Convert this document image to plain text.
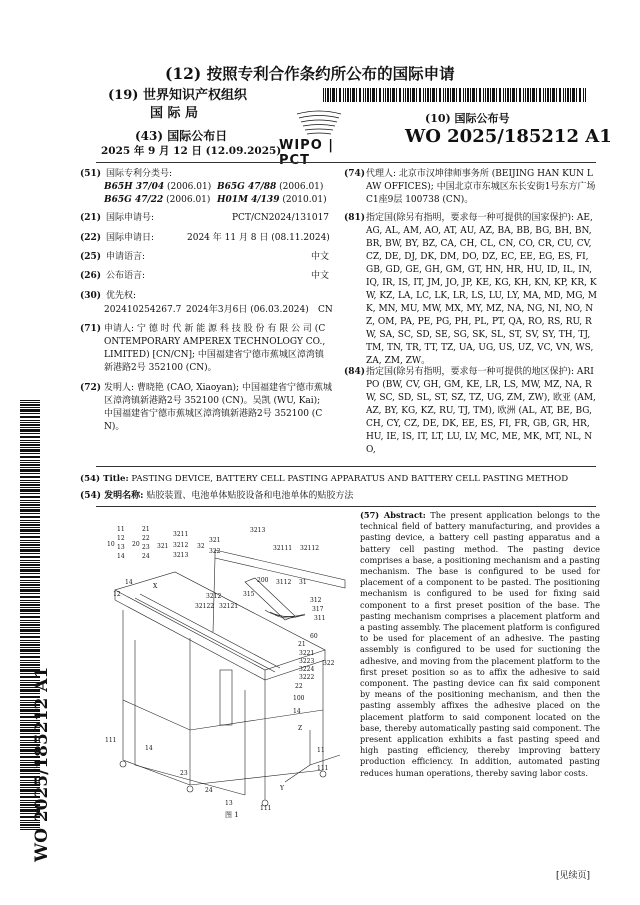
(12) 按照专利合作条约所公布的国际申请
(19) 世界知识产权组织
国 际 局
(43) 国际公布日
2025 年 9 月 12 日 (12.09.2025)
WIPO | PCT
(10) 国际公布号
WO 2025/185212 A1
(51) 国际专利分类号:
B65H 37/04 (2006.01) B65G 47/88 (2006.01)
B65G 47/22 (2006.01) H01M 4/139 (2010.01)
(21) 国际申请号:	PCT/CN2024/131017
(22) 国际申请日:	2024 年 11 月 8 日 (08.11.2024)
(25) 申请语言:	中文
(26) 公布语言:	中文
(30) 优先权:
202410254267.7 2024年3月6日 (06.03.2024) CN
(71) 申请人: 宁 德 时 代 新 能 源 科 技 股 份 有 限 公 司 (CONTEMPORARY AMPEREX TECHNOLOGY CO., LIMITED) [CN/CN]; 中国福建省宁德市蕉城区漳湾镇新港路2号 352100 (CN)。
(72) 发明人: 曹晓艳 (CAO, Xiaoyan); 中国福建省宁德市蕉城区漳湾镇新港路2号 352100 (CN)。吴凯 (WU, Kai); 中国福建省宁德市蕉城区漳湾镇新港路2号 352100 (CN)。
(74) 代理人: 北京市汉坤律师事务所 (BEIJING HAN KUN LAW OFFICES); 中国北京市东城区东长安街1号东方广场C1座9层 100738 (CN)。
(81) 指定国(除另有指明，要求每一种可提供的国家保护): AE, AG, AL, AM, AO, AT, AU, AZ, BA, BB, BG, BH, BN, BR, BW, BY, BZ, CA, CH, CL, CN, CO, CR, CU, CV, CZ, DE, DJ, DK, DM, DO, DZ, EC, EE, EG, ES, FI, GB, GD, GE, GH, GM, GT, HN, HR, HU, ID, IL, IN, IQ, IR, IS, IT, JM, JO, JP, KE, KG, KH, KN, KP, KR, KW, KZ, LA, LC, LK, LR, LS, LU, LY, MA, MD, MG, MK, MN, MU, MW, MX, MY, MZ, NA, NG, NI, NO, NZ, OM, PA, PE, PG, PH, PL, PT, QA, RO, RS, RU, RW, SA, SC, SD, SE, SG, SK, SL, ST, SV, SY, TH, TJ, TM, TN, TR, TT, TZ, UA, UG, US, UZ, VC, VN, WS, ZA, ZM, ZW。
(84) 指定国(除另有指明，要求每一种可提供的地区保护): ARIPO (BW, CV, GH, GM, KE, LR, LS, MW, MZ, NA, RW, SC, SD, SL, ST, SZ, TZ, UG, ZM, ZW), 欧亚 (AM, AZ, BY, KG, KZ, RU, TJ, TM), 欧洲 (AL, AT, BE, BG, CH, CY, CZ, DE, DK, EE, ES, FI, FR, GB, GR, HR, HU, IE, IS, IT, LT, LU, LV, MC, ME, MK, MT, NL, NO,
(54) Title: PASTING DEVICE, BATTERY CELL PASTING APPARATUS AND BATTERY CELL PASTING METHOD
(54) 发明名称: 贴胶装置、电池单体贴胶设备和电池单体的贴胶方法
WO 2025/185212 A1
10
11
12
13
14
20
21
22
23
24
321
3211
3212
3213
32
321
322
3213
32111 32112
200 3112 31
32122 32121
3212	315
312
317
311
60
21
3221
3223
3224
3222
322
22
100
14
14
12
X
111
14
23
24
13
111
Z
11
111
Y
图 1
(57) Abstract: The present application belongs to the technical field of battery manufacturing, and provides a pasting device, a battery cell pasting apparatus and a battery cell pasting method. The pasting device comprises a base, a positioning mechanism and a pasting mechanism. The base is configured to be used for placement of a component to be pasted. The positioning mechanism is configured to be used for fixing said component to a first preset position of the base. The pasting mechanism comprises a placement platform and a pasting assembly. The placement platform is configured to be used for placement of an adhesive. The pasting assembly is configured to be used for suctioning the adhesive, and moving from the placement platform to the first preset position so as to affix the adhesive to said component. The pasting device can fix said component by means of the positioning mechanism, and then the pasting assembly affixes the adhesive placed on the placement platform to said component located on the base, thereby automatically pasting said component. The present application exhibits a fast pasting speed and high pasting efficiency, thereby improving battery production efficiency. In addition, automated pasting reduces human operations, thereby saving labor costs.
[见续页]
